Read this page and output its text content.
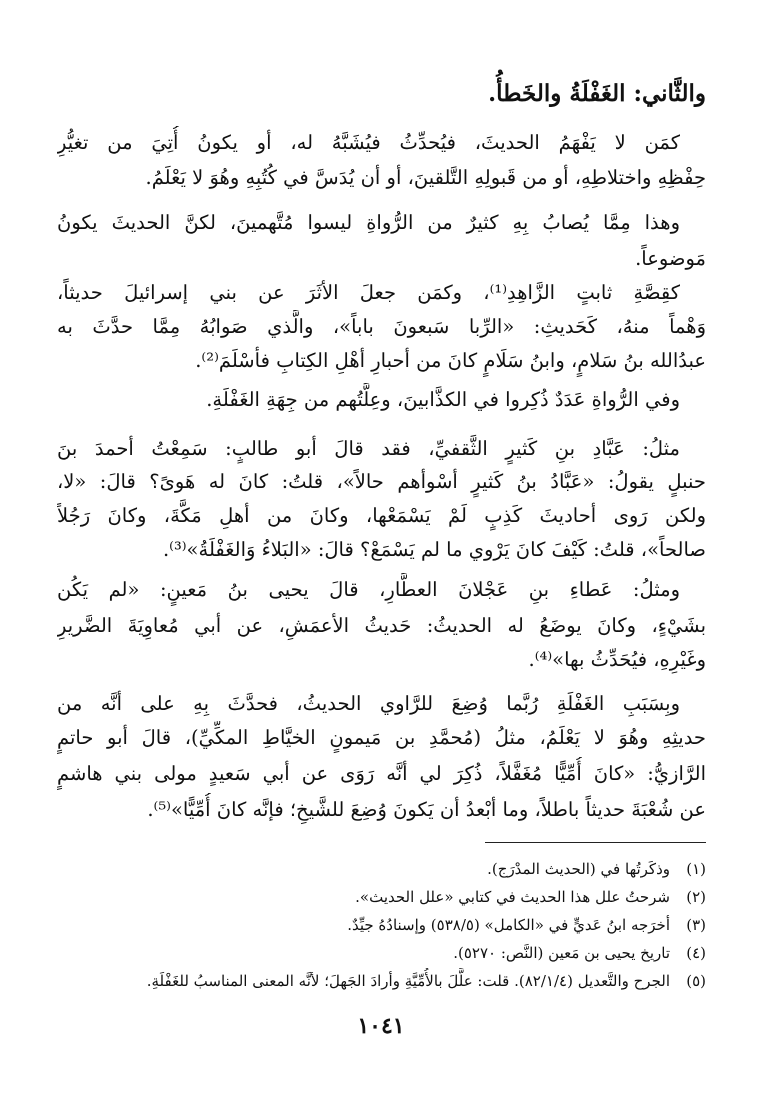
والثَّاني: الغَفْلَةُ والخَطأُ.
كمَن لا يَفْهَمُ الحديثَ، فيُحدِّثُ فيُشَبَّهُ له، أو يكونُ أُتِيَ من تغيُّرِ
حِفْظِهِ واختلاطِهِ، أو من قَبولِهِ التَّلقينَ، أو أن يُدَسَّ في كُتُبِهِ وهُوَ لا يَعْلَمُ.
وهذا مِمَّا يُصابُ بِهِ كثيرٌ من الرُّواةِ ليسوا مُتَّهمينَ، لكنَّ الحديثَ يكونُ
مَوضوعاً.
كقِصَّةِ ثابتٍ الزَّاهِدِ⁽¹⁾، وكمَن جعلَ الأثَرَ عن بني إسرائيلَ حديثاً،
وَهْماً منهُ، كَحَديثِ: «الرِّبا سَبعونَ باباً»، والَّذي صَوابُهُ مِمَّا حدَّثَ به
عبدُالله بنُ سَلامٍ، وابنُ سَلَامٍ كانَ من أحبارِ أهْلِ الكِتابِ فأسْلَمَ⁽²⁾.
وفي الرُّواةِ عَدَدٌ ذُكِروا في الكذَّابينَ، وعِلَّتُهم من جِهَةِ الغَفْلَةِ.
مثلُ: عَبَّادِ بنِ كَثيرٍ الثَّقفيِّ، فقد قالَ أبو طالبٍ: سَمِعْتُ أحمدَ بنَ
حنبلٍ يقولُ: «عَبَّادُ بنُ كَثيرٍ أسْوأهم حالاً»، قلتُ: كانَ له هَوىً؟ قالَ: «لا،
ولكن رَوى أحاديثَ كَذِبٍ لَمْ يَسْمَعْها، وكانَ من أهلِ مَكَّةَ، وكانَ رَجُلاً
صالحاً»، قلتُ: كَيْفَ كانَ يَرْوي ما لم يَسْمَعْ؟ قالَ: «البَلاءُ وَالغَفْلَةُ»⁽³⁾.
ومثلُ: عَطاءِ بنِ عَجْلانَ العطَّارِ، قالَ يحيى بنُ مَعينٍ: «لم يَكُن
بشَيْءٍ، وكانَ يوضَعُ له الحديثُ: حَديثُ الأعمَشِ، عن أبي مُعاوِيَةَ الضَّريرِ
وغَيْرِهِ، فيُحَدِّثُ بها»⁽⁴⁾.
وبِسَبَبِ الغَفْلَةِ رُبَّما وُضِعَ للرَّاوي الحديثُ، فحدَّثَ بِهِ على أنَّه من
حديثِهِ وهُوَ لا يَعْلَمُ، مثلُ (مُحمَّدِ بن مَيمونٍ الخيَّاطِ المكِّيِّ)، قالَ أبو حاتمٍ
الرَّازيُّ: «كانَ أُمِّيًّا مُغَفَّلاً، ذُكِرَ لي أنَّه رَوَى عن أبي سَعيدٍ مولى بني هاشمٍ
عن شُعْبَةَ حديثاً باطلاً، وما أبْعدُ أن يَكونَ وُضِعَ للشَّيخِ؛ فإنَّه كانَ أُمِّيًّا»⁽⁵⁾.
(١)وذكَرتُها في (الحديث المدْرَج).
(٢)شرحتُ علل هذا الحديث في كتابي «علل الحديث».
(٣)أخرَجه ابنُ عَديٍّ في «الكامل» (٥٣٨/٥) وإسنادُهُ جيِّدٌ.
(٤)تاريخ يحيى بن مَعين (النَّص: ٥٢٧٠).
(٥)الجرح والتَّعديل (٨٢/١/٤). قلت: علَّلَ بالأُمِّيَّةِ وأرادَ الجَهلَ؛ لأنَّه المعنى المناسبُ للغَفْلَةِ.
١٠٤١
